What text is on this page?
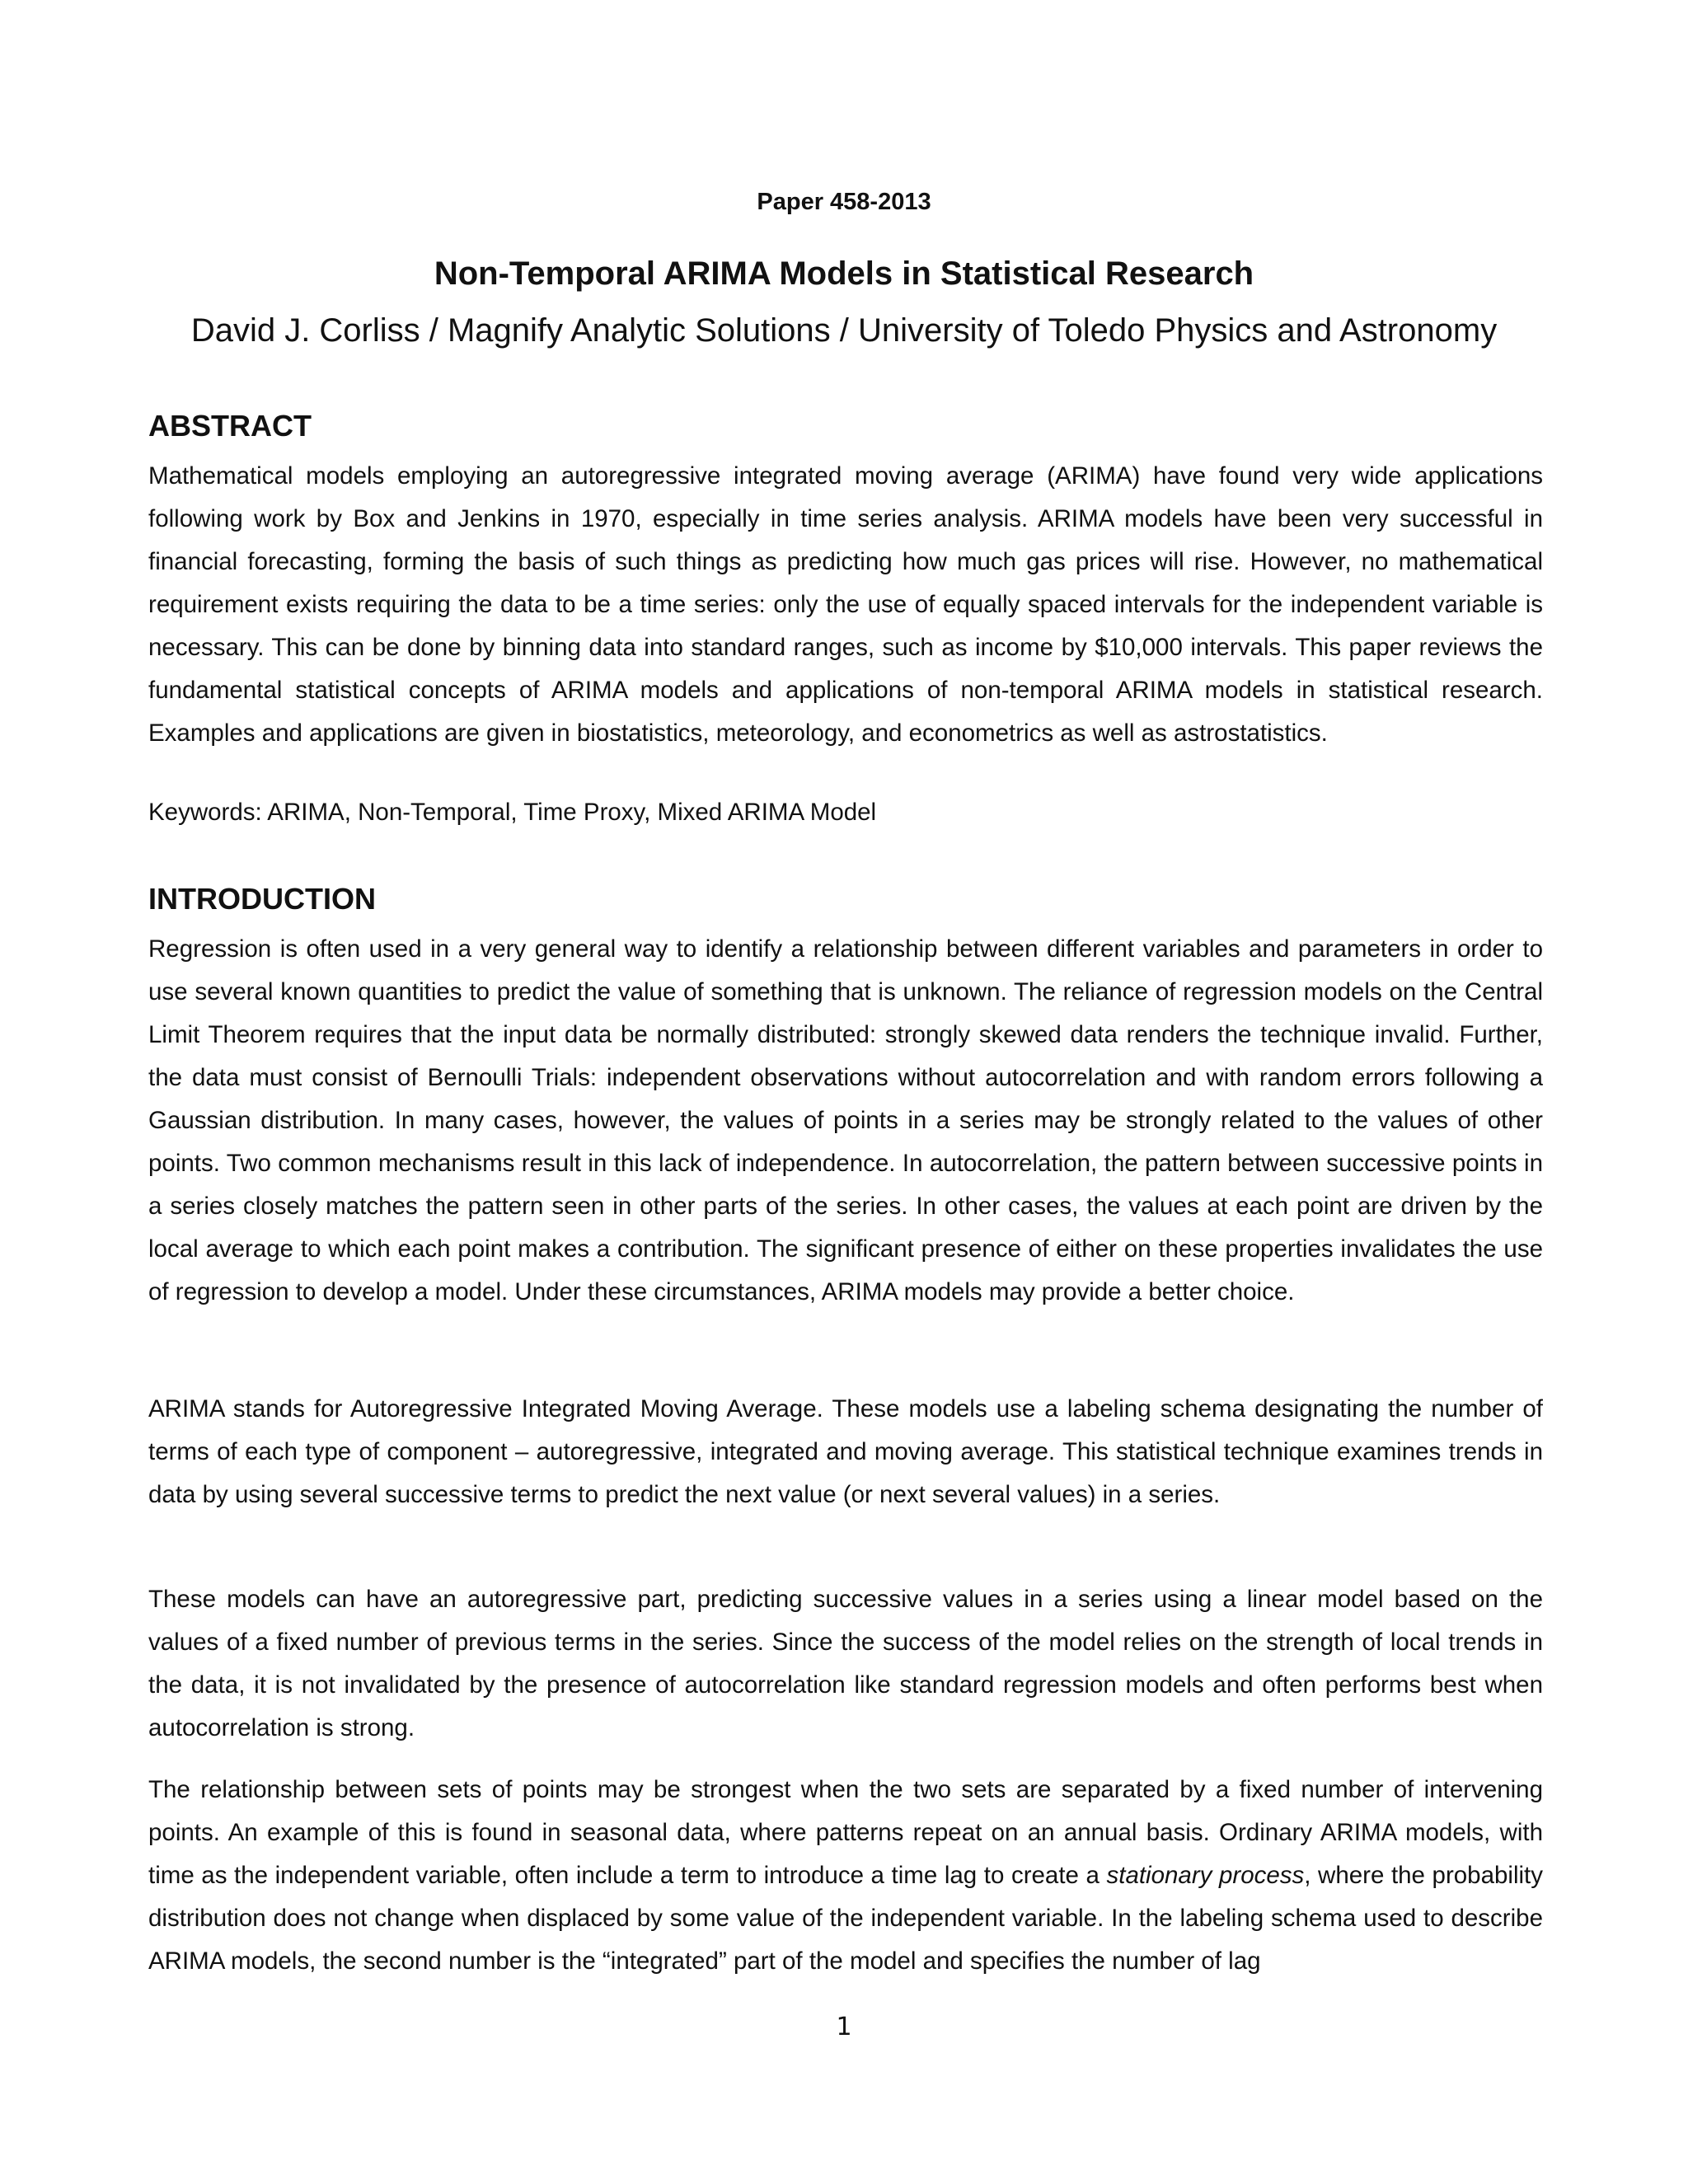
Paper 458-2013
Non-Temporal ARIMA Models in Statistical Research
David J. Corliss / Magnify Analytic Solutions / University of Toledo Physics and Astronomy
ABSTRACT

Mathematical models employing an autoregressive integrated moving average (ARIMA) have found very wide applications following work by Box and Jenkins in 1970, especially in time series analysis. ARIMA models have been very successful in financial forecasting, forming the basis of such things as predicting how much gas prices will rise. However, no mathematical requirement exists requiring the data to be a time series: only the use of equally spaced intervals for the independent variable is necessary. This can be done by binning data into standard ranges, such as income by $10,000 intervals. This paper reviews the fundamental statistical concepts of ARIMA models and applications of non-temporal ARIMA models in statistical research. Examples and applications are given in biostatistics, meteorology, and econometrics as well as astrostatistics.

Keywords: ARIMA, Non-Temporal, Time Proxy, Mixed ARIMA Model
INTRODUCTION

Regression is often used in a very general way to identify a relationship between different variables and parameters in order to use several known quantities to predict the value of something that is unknown. The reliance of regression models on the Central Limit Theorem requires that the input data be normally distributed: strongly skewed data renders the technique invalid. Further, the data must consist of Bernoulli Trials: independent observations without autocorrelation and with random errors following a Gaussian distribution. In many cases, however, the values of points in a series may be strongly related to the values of other points. Two common mechanisms result in this lack of independence. In autocorrelation, the pattern between successive points in a series closely matches the pattern seen in other parts of the series. In other cases, the values at each point are driven by the local average to which each point makes a contribution. The significant presence of either on these properties invalidates the use of regression to develop a model. Under these circumstances, ARIMA models may provide a better choice.

ARIMA stands for Autoregressive Integrated Moving Average. These models use a labeling schema designating the number of terms of each type of component – autoregressive, integrated and moving average. This statistical technique examines trends in data by using several successive terms to predict the next value (or next several values) in a series.

These models can have an autoregressive part, predicting successive values in a series using a linear model based on the values of a fixed number of previous terms in the series. Since the success of the model relies on the strength of local trends in the data, it is not invalidated by the presence of autocorrelation like standard regression models and often performs best when autocorrelation is strong.

The relationship between sets of points may be strongest when the two sets are separated by a fixed number of intervening points. An example of this is found in seasonal data, where patterns repeat on an annual basis. Ordinary ARIMA models, with time as the independent variable, often include a term to introduce a time lag to create a stationary process, where the probability distribution does not change when displaced by some value of the independent variable. In the labeling schema used to describe ARIMA models, the second number is the “integrated” part of the model and specifies the number of lag

1
